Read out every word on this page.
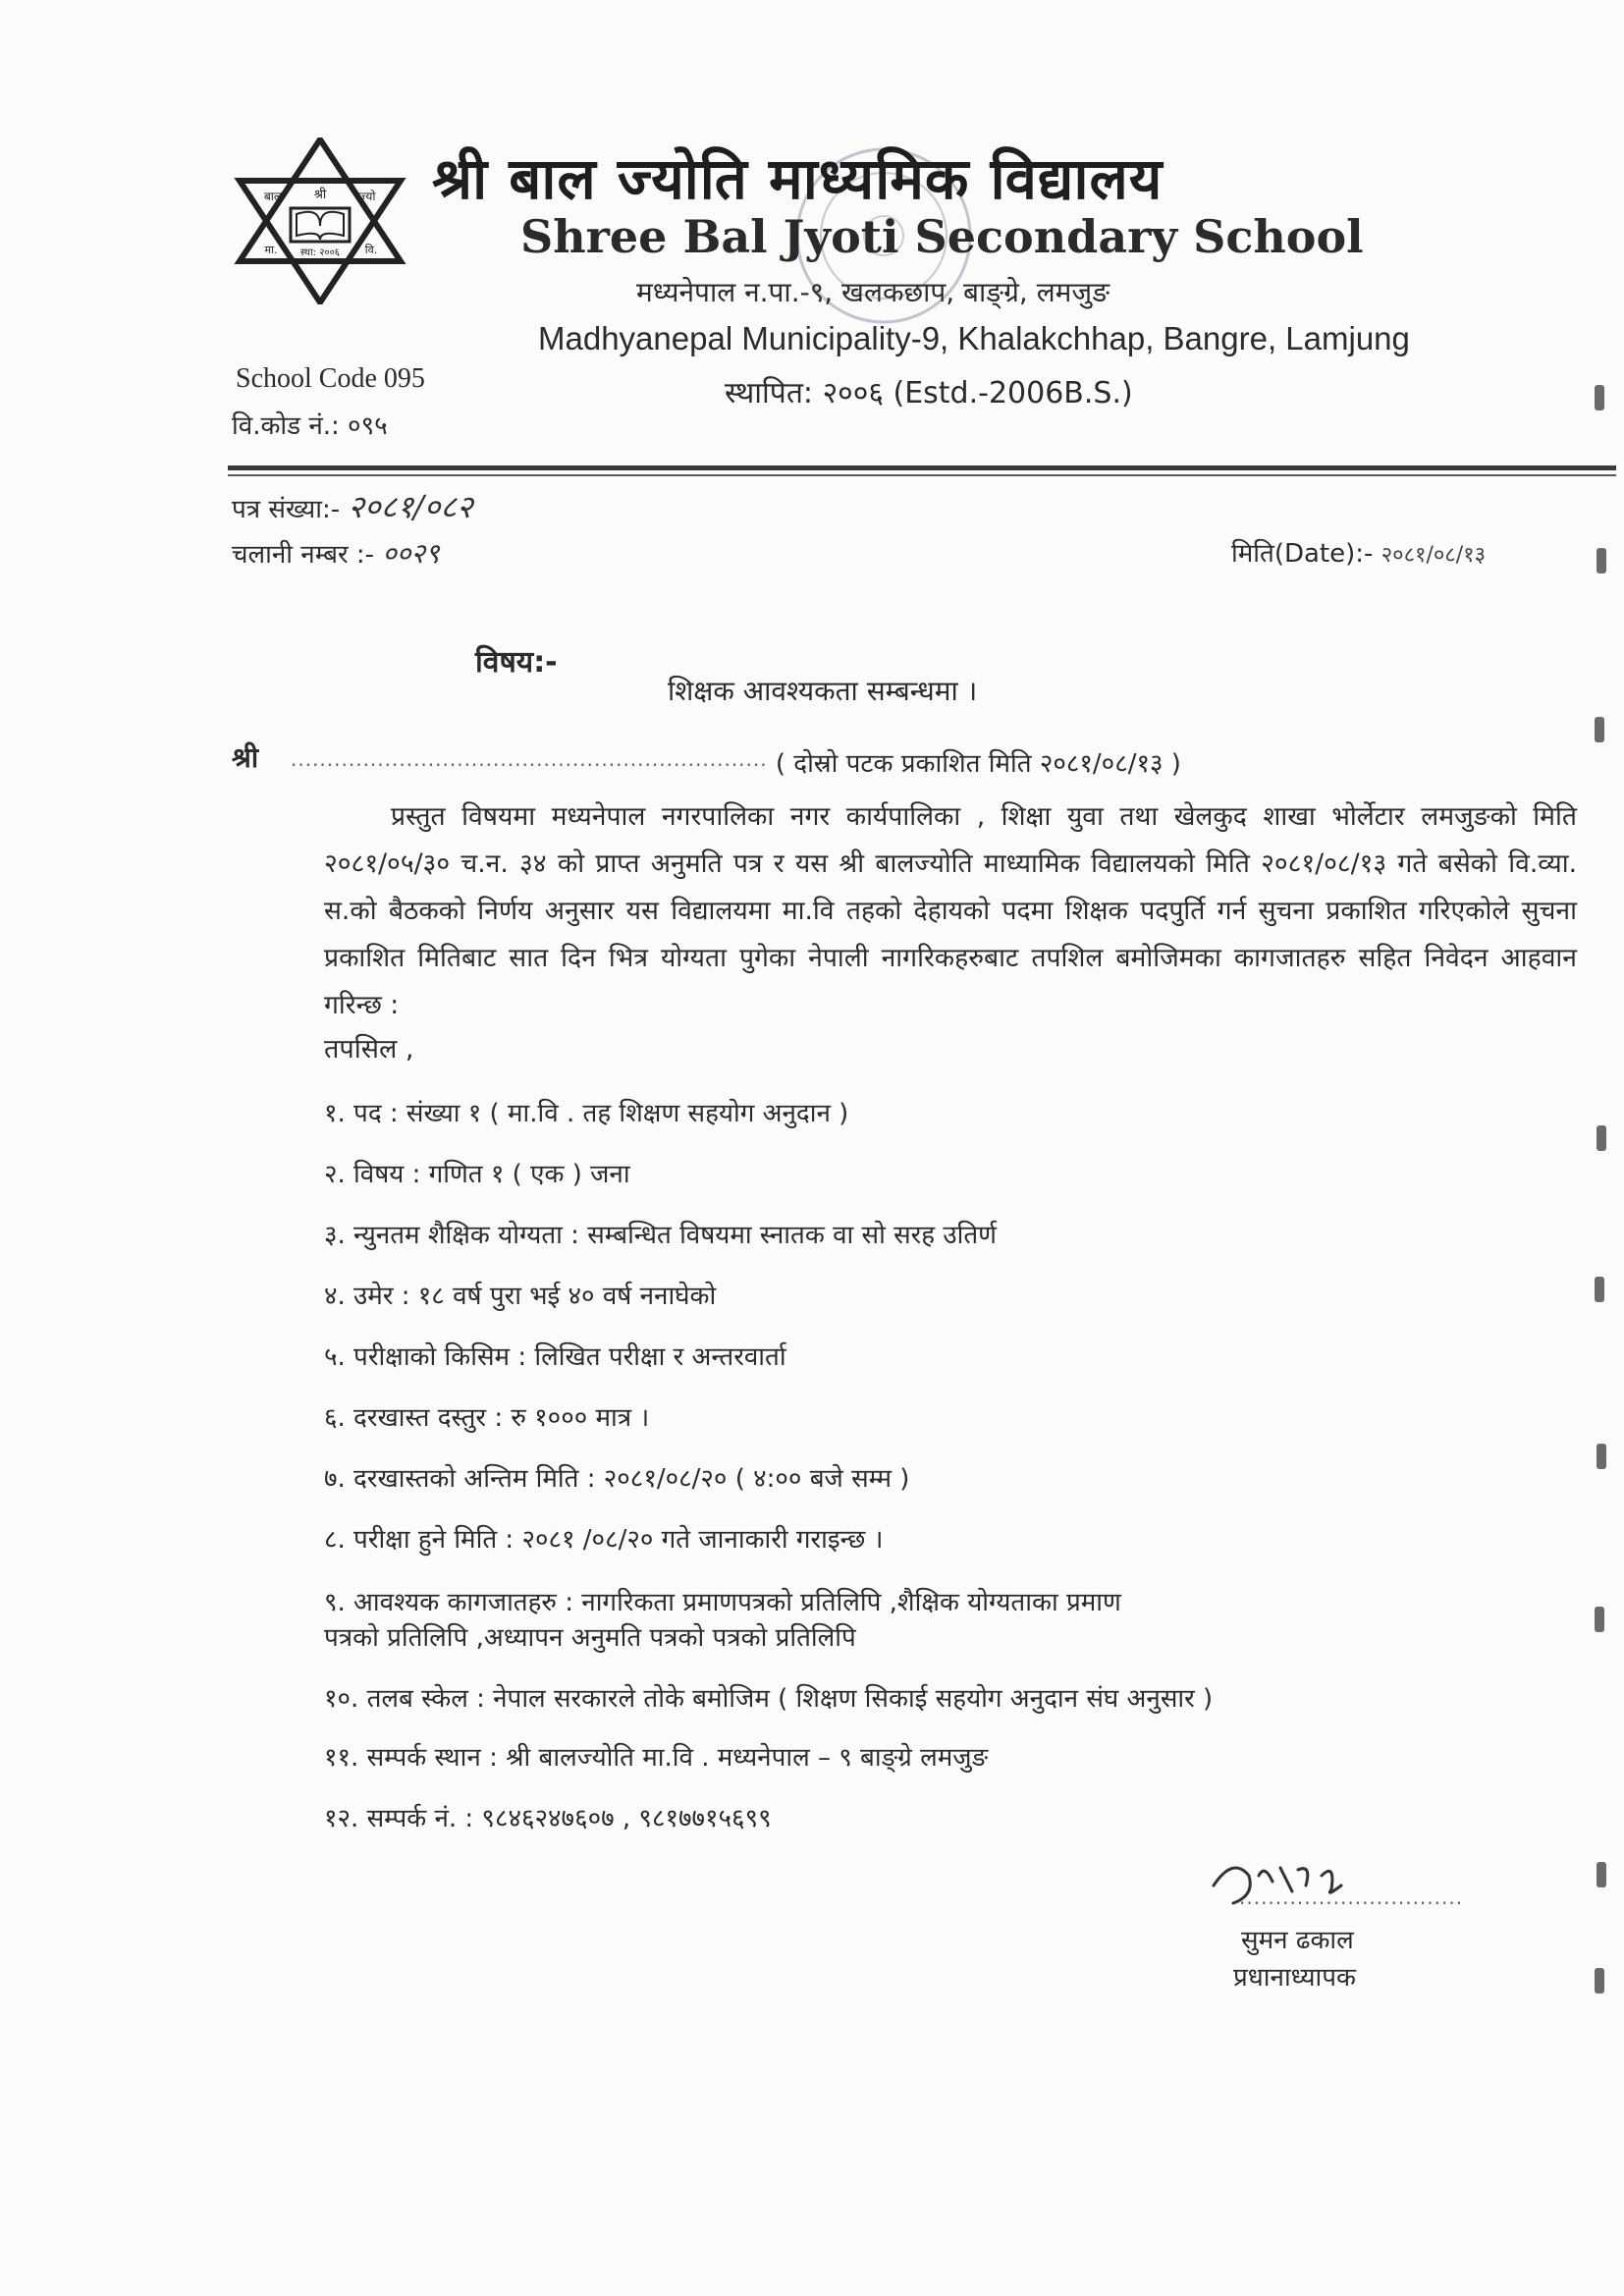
श्री
बाल	ज्यो
मा. स्था: २००६ वि.
श्री बाल ज्योति माध्यमिक विद्यालय
Shree Bal Jyoti Secondary School
मध्यनेपाल न.पा.-९, खलकछाप, बाङ्ग्रे, लमजुङ
Madhyanepal Municipality-9, Khalakchhap, Bangre, Lamjung
स्थापित: २००६ (Estd.-2006B.S.)
School Code 095
वि.कोड नं.: ०९५
पत्र संख्या:- २०८१/०८२
चलानी नम्बर :- ००२९	मिति(Date):- २०८१/०८/१३
विषय:-
शिक्षक आवश्यकता सम्बन्धमा ।
श्री ·································································· ( दोस्रो पटक प्रकाशित मिति २०८१/०८/१३ )
प्रस्तुत विषयमा मध्यनेपाल नगरपालिका नगर कार्यपालिका , शिक्षा युवा तथा खेलकुद शाखा भोर्लेटार लमजुङको मिति २०८१/०५/३० च.न. ३४ को प्राप्त अनुमति पत्र र यस श्री बालज्योति माध्यामिक विद्यालयको मिति २०८१/०८/१३ गते बसेको वि.व्या. स.को बैठकको निर्णय अनुसार यस विद्यालयमा मा.वि तहको देहायको पदमा शिक्षक पदपुर्ति गर्न सुचना प्रकाशित गरिएकोले सुचना प्रकाशित मितिबाट सात दिन भित्र योग्यता पुगेका नेपाली नागरिकहरुबाट तपशिल बमोजिमका कागजातहरु सहित निवेदन आहवान गरिन्छ :
तपसिल ,
१. पद : संख्या १ ( मा.वि . तह शिक्षण सहयोग अनुदान )
२. विषय : गणित १ ( एक ) जना
३. न्युनतम शैक्षिक योग्यता : सम्बन्धित विषयमा स्नातक वा सो सरह उतिर्ण
४. उमेर : १८ वर्ष पुरा भई ४० वर्ष ननाघेको
५. परीक्षाको किसिम : लिखित परीक्षा र अन्तरवार्ता
६. दरखास्त दस्तुर : रु १००० मात्र ।
७. दरखास्तको अन्तिम मिति : २०८१/०८/२० ( ४:०० बजे सम्म )
८. परीक्षा हुने मिति : २०८१ /०८/२० गते जानाकारी गराइन्छ ।
९. आवश्यक कागजातहरु : नागरिकता प्रमाणपत्रको प्रतिलिपि ,शैक्षिक योग्यताका प्रमाण
पत्रको प्रतिलिपि ,अध्यापन अनुमति पत्रको पत्रको प्रतिलिपि
१०. तलब स्केल : नेपाल सरकारले तोके बमोजिम ( शिक्षण सिकाई सहयोग अनुदान संघ अनुसार )
११. सम्पर्क स्थान : श्री बालज्योति मा.वि . मध्यनेपाल – ९ बाङ्ग्रे लमजुङ
१२. सम्पर्क नं. : ९८४६२४७६०७ , ९८१७७१५६९९
·······························
सुमन ढकाल
प्रधानाध्यापक
